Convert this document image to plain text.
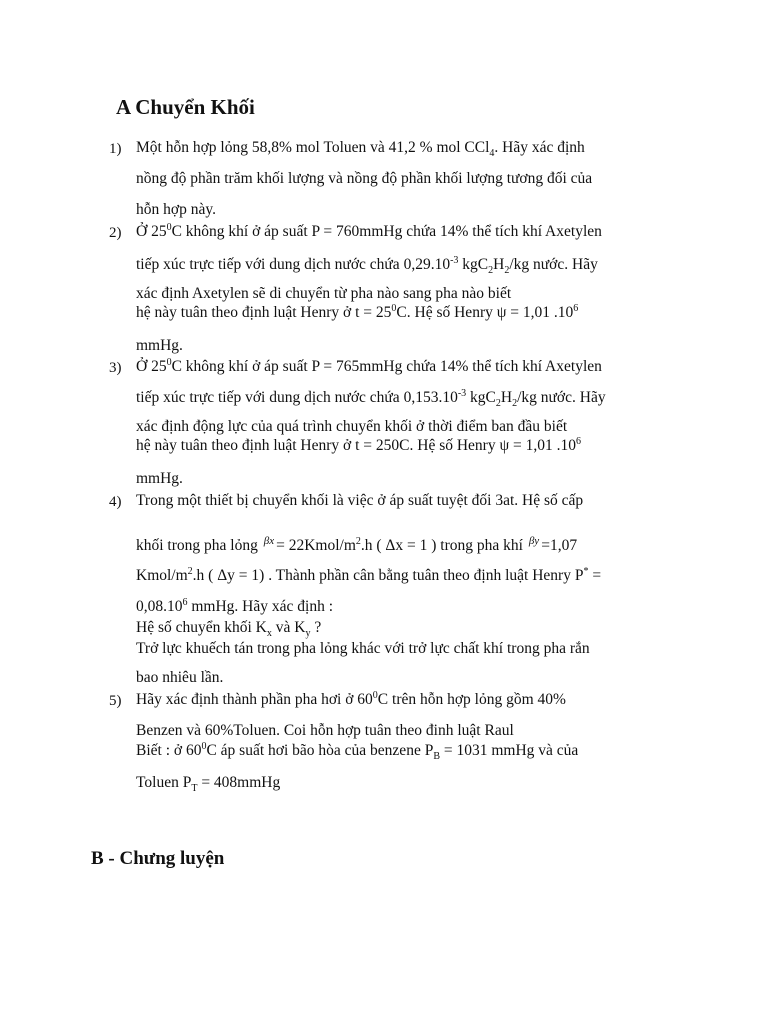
A Chuyển Khối
1) Một hỗn hợp lỏng 58,8% mol Toluen và 41,2 % mol CCl$_4$. Hãy xác định
nồng độ phần trăm khối lượng và nồng độ phần khối lượng tương đối của
hỗn hợp này.
2) Ở $25^0C$ không khí ở áp suất P = 760mmHg chứa 14% thể tích khí Axetylen
tiếp xúc trực tiếp với dung dịch nước chứa $0,29.10^{-3}$ $kgC_2H_2/kg$ nước. Hãy
xác định Axetylen sẽ di chuyển từ pha nào sang pha nào biết
hệ này tuân theo định luật Henry ở $t = 25^0C$. Hệ số Henry ψ = 1,01 $.10^6$
mmHg.
3) Ở $25^0C$ không khí ở áp suất P = 765mmHg chứa 14% thể tích khí Axetylen
tiếp xúc trực tiếp với dung dịch nước chứa $0,153.10^{-3}$ $kgC_2H_2/kg$ nước. Hãy
xác định động lực của quá trình chuyển khối ở thời điểm ban đầu biết
hệ này tuân theo định luật Henry ở t = 250C. Hệ số Henry ψ = 1,01 $.10^6$
mmHg.
4) Trong một thiết bị chuyển khối là việc ở áp suất tuyệt đối 3at. Hệ số cấp
khối trong pha lỏng $^{\beta x} = 22Kmol/m^2.h$ ( Δx = 1 ) trong pha khí $^{\beta y}$ =1,07
Kmol/$m^2.h$ ( Δy = 1) . Thành phần cân bằng tuân theo định luật Henry P* =
$0,08.10^6$ mmHg. Hãy xác định :
Hệ số chuyển khối $K_x$ và $K_y$ ?
Trở lực khuếch tán trong pha lỏng khác với trở lực chất khí trong pha rắn
bao nhiêu lần.
5) Hãy xác định thành phần pha hơi ở $60^0C$ trên hỗn hợp lỏng gồm 40%
Benzen và 60%Toluen. Coi hỗn hợp tuân theo đinh luật Raul
Biết : ở $60^0C$ áp suất hơi bão hòa của benzene $P_B = 1031$ mmHg và của
Toluen $P_T$ = 408mmHg
B - Chưng luyện
